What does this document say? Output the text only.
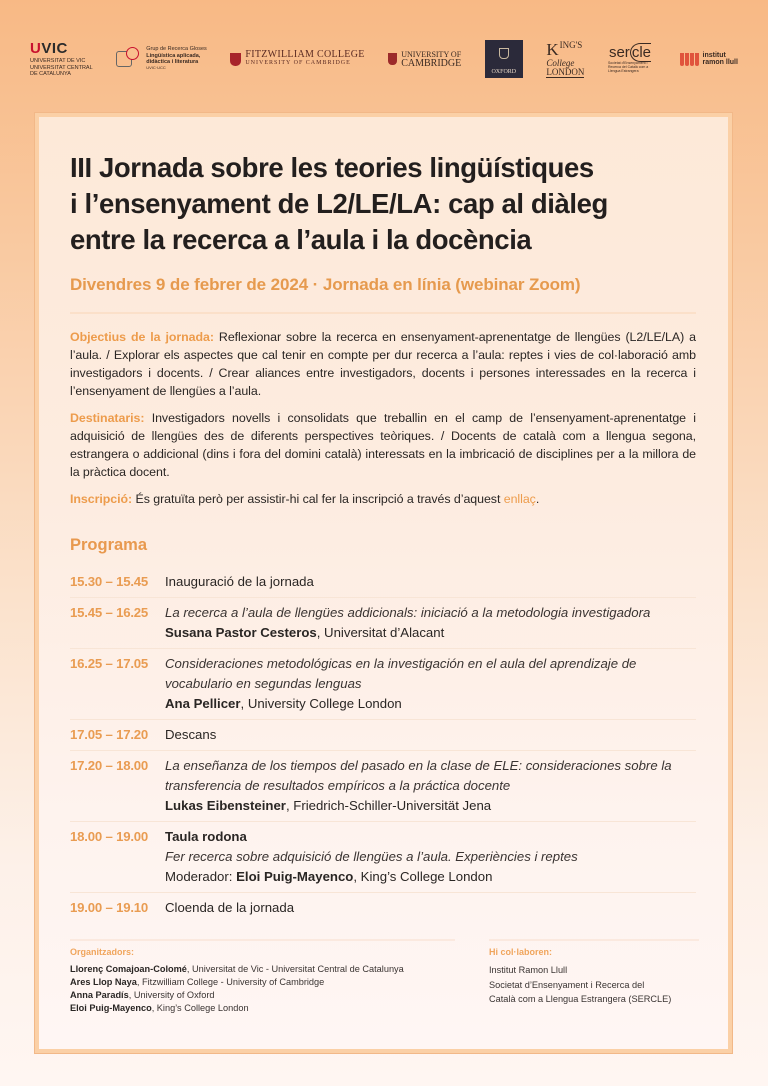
UVIC
UNIVERSITAT DE VIC
UNIVERSITAT CENTRAL
DE CATALUNYA
Grup de Recerca Gloses
Lingüística aplicada,
didàctica i literatura
UVIC·UCC
FITZWILLIAM COLLEGE
UNIVERSITY OF CAMBRIDGE
UNIVERSITY OF
CAMBRIDGE
OXFORD
K ING'S
College
LONDON
ser cle
Societat d'Ensenyament i Recerca del Català com a Llengua Estrangera
institut
ramon llull
III Jornada sobre les teories lingüístiques
i l’ensenyament de L2/LE/LA: cap al diàleg
entre la recerca a l’aula i la docència
Divendres 9 de febrer de 2024 · Jornada en línia (webinar Zoom)

Objectius de la jornada: Reflexionar sobre la recerca en ensenyament-aprenentatge de llengües (L2/LE/LA) a l’aula. / Explorar els aspectes que cal tenir en compte per dur recerca a l’aula: reptes i vies de col·laboració amb investigadors i docents. / Crear aliances entre investigadors, docents i persones interessades en la recerca i l’ensenyament de llengües a l’aula.

Destinataris: Investigadors novells i consolidats que treballin en el camp de l’ensenyament-aprenentatge i adquisició de llengües des de diferents perspectives teòriques. / Docents de català com a llengua segona, estrangera o addicional (dins i fora del domini català) interessats en la imbricació de disciplines per a la millora de la pràctica docent.

Inscripció: És gratuïta però per assistir-hi cal fer la inscripció a través d’aquest enllaç.

Programa
15.30 – 15.45	Inauguració de la jornada
15.45 – 16.25	La recerca a l’aula de llengües addicionals: iniciació a la metodologia investigadora
Susana Pastor Cesteros, Universitat d’Alacant
16.25 – 17.05	Consideraciones metodológicas en la investigación en el aula del aprendizaje de vocabulario en segundas lenguas
Ana Pellicer, University College London
17.05 – 17.20	Descans
17.20 – 18.00	La enseñanza de los tiempos del pasado en la clase de ELE: consideraciones sobre la transferencia de resultados empíricos a la práctica docente
Lukas Eibensteiner, Friedrich-Schiller-Universität Jena
18.00 – 19.00	Taula rodona
Fer recerca sobre adquisició de llengües a l’aula. Experiències i reptes
Moderador: Eloi Puig-Mayenco, King’s College London
19.00 – 19.10	Cloenda de la jornada
Organitzadors:
Llorenç Comajoan-Colomé, Universitat de Vic - Universitat Central de Catalunya
Ares Llop Naya, Fitzwilliam College - University of Cambridge
Anna Paradís, University of Oxford
Eloi Puig-Mayenco, King’s College London
Hi col·laboren:
Institut Ramon Llull
Societat d’Ensenyament i Recerca del
Català com a Llengua Estrangera (SERCLE)
